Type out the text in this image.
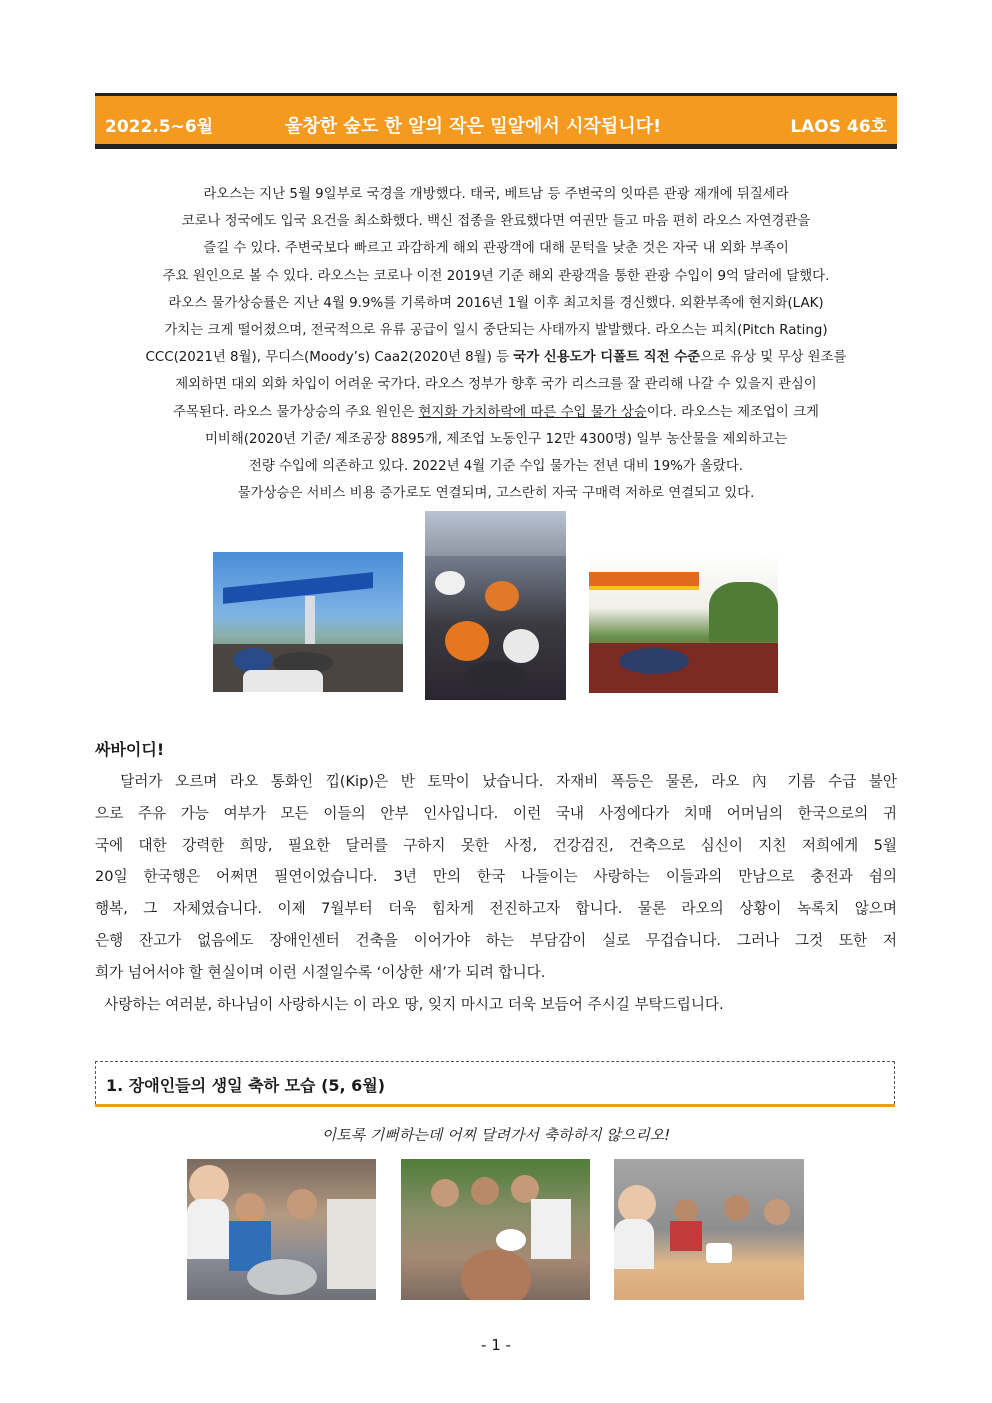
2022.5~6월	울창한 숲도 한 알의 작은 밀알에서 시작됩니다!	LAOS 46호

라오스는 지난 5월 9일부로 국경을 개방했다. 태국, 베트남 등 주변국의 잇따른 관광 재개에 뒤질세라

코로나 정국에도 입국 요건을 최소화했다. 백신 접종을 완료했다면 여권만 들고 마음 편히 라오스 자연경관을

즐길 수 있다. 주변국보다 빠르고 과감하게 해외 관광객에 대해 문턱을 낮춘 것은 자국 내 외화 부족이

주요 원인으로 볼 수 있다. 라오스는 코로나 이전 2019년 기준 해외 관광객을 통한 관광 수입이 9억 달러에 달했다.

라오스 물가상승률은 지난 4월 9.9%를 기록하며 2016년 1월 이후 최고치를 경신했다. 외환부족에 현지화(LAK)

가치는 크게 떨어졌으며, 전국적으로 유류 공급이 일시 중단되는 사태까지 발발했다. 라오스는 피치(Pitch Rating)

CCC(2021년 8월), 무디스(Moody’s) Caa2(2020년 8월) 등 국가 신용도가 디폴트 직전 수준으로 유상 및 무상 원조를

제외하면 대외 외화 차입이 어려운 국가다. 라오스 정부가 향후 국가 리스크를 잘 관리해 나갈 수 있을지 관심이

주목된다. 라오스 물가상승의 주요 원인은 현지화 가치하락에 따른 수입 물가 상승이다. 라오스는 제조업이 크게

미비해(2020년 기준/ 제조공장 8895개, 제조업 노동인구 12만 4300명) 일부 농산물을 제외하고는

전량 수입에 의존하고 있다. 2022년 4월 기준 수입 물가는 전년 대비 19%가 올랐다.

물가상승은 서비스 비용 증가로도 연결되며, 고스란히 자국 구매력 저하로 연결되고 있다.

싸바이디!
달러가 오르며 라오 통화인 낍(Kip)은 반 토막이 났습니다. 자재비 폭등은 물론, 라오 內 기름 수급 불안
으로 주유 가능 여부가 모든 이들의 안부 인사입니다. 이런 국내 사정에다가 치매 어머님의 한국으로의 귀
국에 대한 강력한 희망, 필요한 달러를 구하지 못한 사정, 건강검진, 건축으로 심신이 지친 저희에게 5월
20일 한국행은 어쩌면 필연이었습니다. 3년 만의 한국 나들이는 사랑하는 이들과의 만남으로 충전과 쉼의
행복, 그 자체였습니다. 이제 7월부터 더욱 힘차게 전진하고자 합니다. 물론 라오의 상황이 녹록치 않으며
은행 잔고가 없음에도 장애인센터 건축을 이어가야 하는 부담감이 실로 무겁습니다. 그러나 그것 또한 저
희가 넘어서야 할 현실이며 이런 시절일수록 ‘이상한 새’가 되려 합니다.
사랑하는 여러분, 하나님이 사랑하시는 이 라오 땅, 잊지 마시고 더욱 보듬어 주시길 부탁드립니다.
1. 장애인들의 생일 축하 모습 (5, 6월)
이토록 기뻐하는데 어찌 달려가서 축하하지 않으리오!
- 1 -
